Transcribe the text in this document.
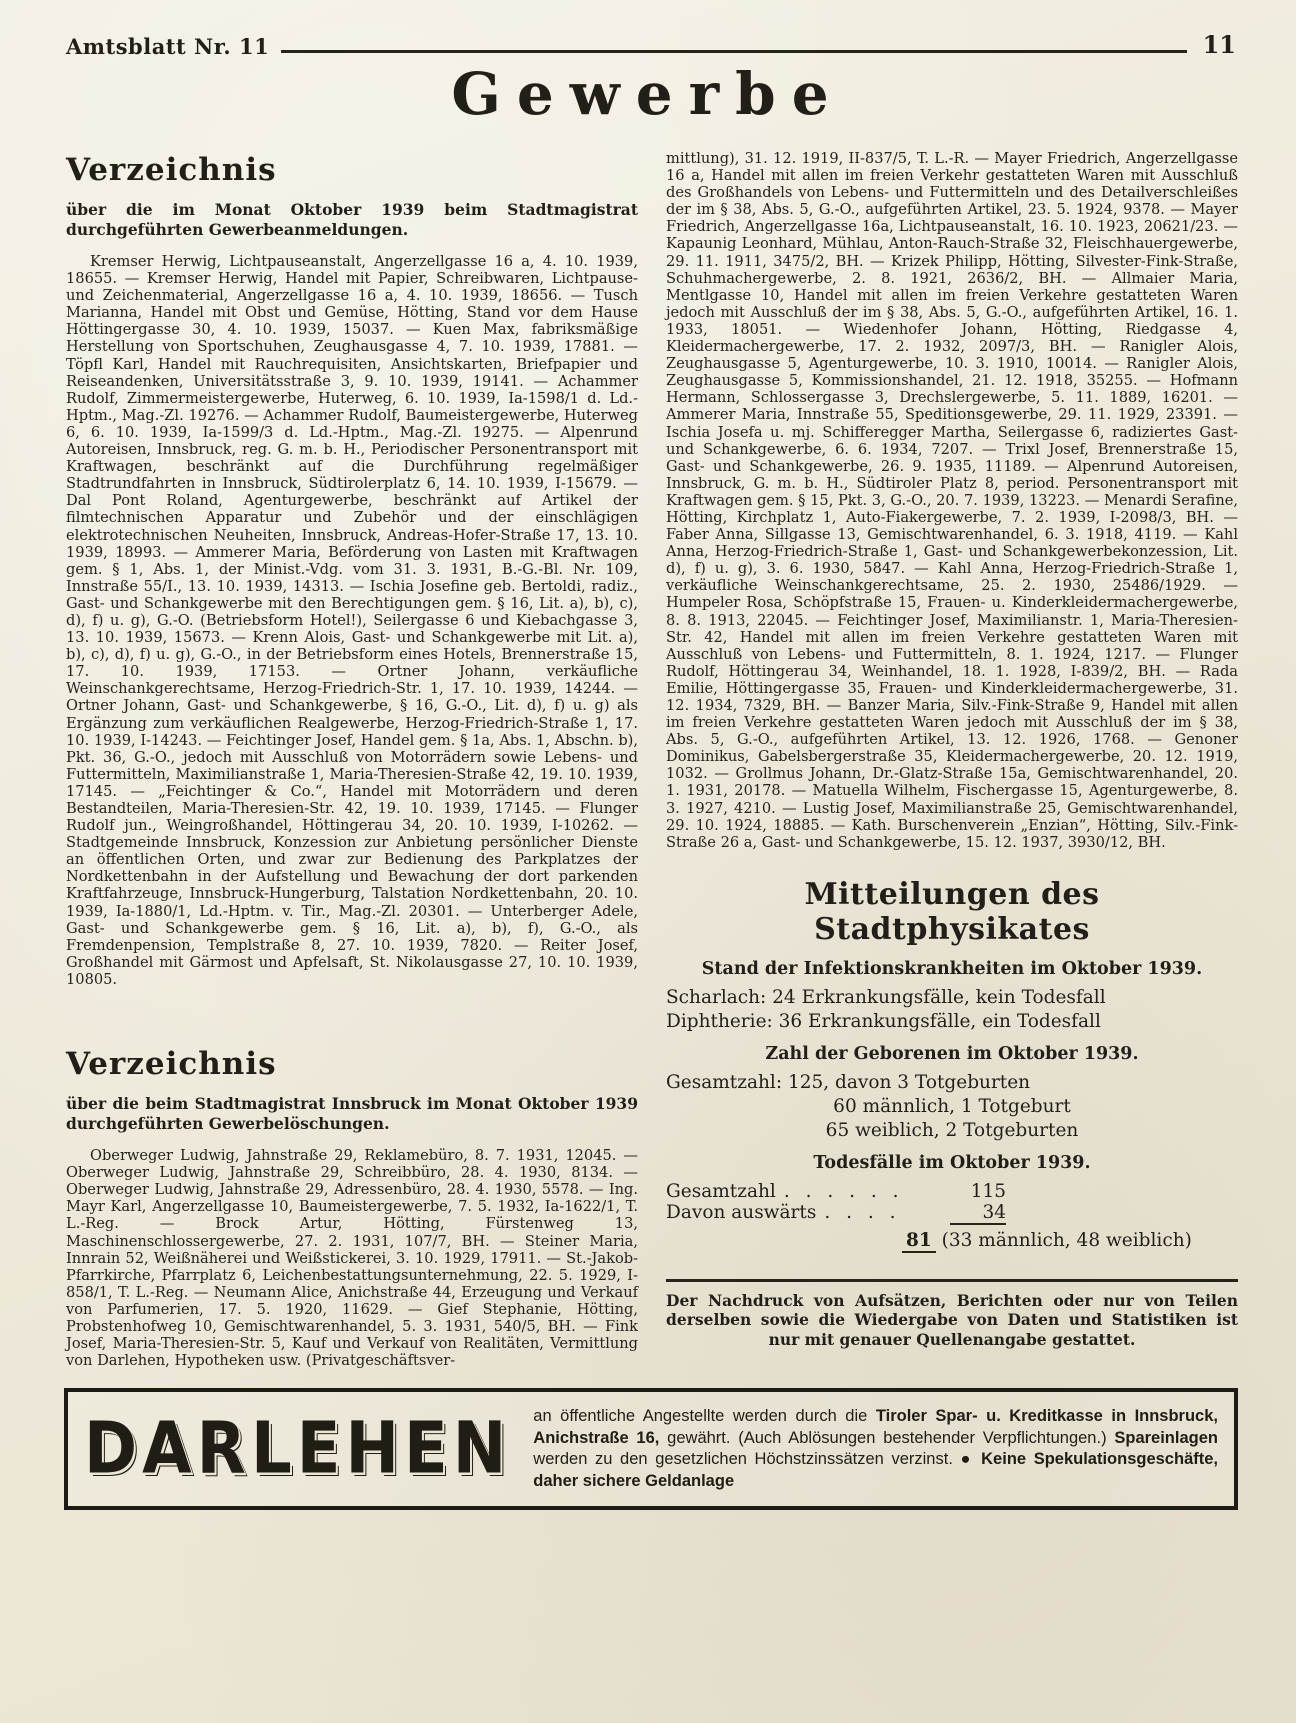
Amtsblatt Nr. 11	11
Gewerbe
Verzeichnis

über die im Monat Oktober 1939 beim Stadtmagistrat durchgeführten Gewerbeanmeldungen.

Kremser Herwig, Lichtpauseanstalt, Angerzellgasse 16 a, 4. 10. 1939, 18655. — Kremser Herwig, Handel mit Papier, Schreibwaren, Lichtpause- und Zeichenmaterial, Angerzellgasse 16 a, 4. 10. 1939, 18656. — Tusch Marianna, Handel mit Obst und Gemüse, Hötting, Stand vor dem Hause Höttingergasse 30, 4. 10. 1939, 15037. — Kuen Max, fabriksmäßige Herstellung von Sportschuhen, Zeughausgasse 4, 7. 10. 1939, 17881. — Töpfl Karl, Handel mit Rauchrequisiten, Ansichtskarten, Briefpapier und Reiseandenken, Universitätsstraße 3, 9. 10. 1939, 19141. — Achammer Rudolf, Zimmermeistergewerbe, Huterweg, 6. 10. 1939, Ia-1598/1 d. Ld.-Hptm., Mag.-Zl. 19276. — Achammer Rudolf, Baumeistergewerbe, Huterweg 6, 6. 10. 1939, Ia-1599/3 d. Ld.-Hptm., Mag.-Zl. 19275. — Alpenrund Autoreisen, Innsbruck, reg. G. m. b. H., Periodischer Personentransport mit Kraftwagen, beschränkt auf die Durchführung regelmäßiger Stadtrundfahrten in Innsbruck, Südtirolerplatz 6, 14. 10. 1939, I-15679. — Dal Pont Roland, Agenturgewerbe, beschränkt auf Artikel der filmtechnischen Apparatur und Zubehör und der einschlägigen elektrotechnischen Neuheiten, Innsbruck, Andreas-Hofer-Straße 17, 13. 10. 1939, 18993. — Ammerer Maria, Beförderung von Lasten mit Kraftwagen gem. § 1, Abs. 1, der Minist.-Vdg. vom 31. 3. 1931, B.-G.-Bl. Nr. 109, Innstraße 55/I., 13. 10. 1939, 14313. — Ischia Josefine geb. Bertoldi, radiz., Gast- und Schankgewerbe mit den Berechtigungen gem. § 16, Lit. a), b), c), d), f) u. g), G.-O. (Betriebsform Hotel!), Seilergasse 6 und Kiebachgasse 3, 13. 10. 1939, 15673. — Krenn Alois, Gast- und Schankgewerbe mit Lit. a), b), c), d), f) u. g), G.-O., in der Betriebsform eines Hotels, Brennerstraße 15, 17. 10. 1939, 17153. — Ortner Johann, verkäufliche Weinschankgerechtsame, Herzog-Friedrich-Str. 1, 17. 10. 1939, 14244. — Ortner Johann, Gast- und Schankgewerbe, § 16, G.-O., Lit. d), f) u. g) als Ergänzung zum verkäuflichen Realgewerbe, Herzog-Friedrich-Straße 1, 17. 10. 1939, I-14243. — Feichtinger Josef, Handel gem. § 1a, Abs. 1, Abschn. b), Pkt. 36, G.-O., jedoch mit Ausschluß von Motorrädern sowie Lebens- und Futtermitteln, Maximilianstraße 1, Maria-Theresien-Straße 42, 19. 10. 1939, 17145. — „Feichtinger & Co.“, Handel mit Motorrädern und deren Bestandteilen, Maria-Theresien-Str. 42, 19. 10. 1939, 17145. — Flunger Rudolf jun., Weingroßhandel, Höttingerau 34, 20. 10. 1939, I-10262. — Stadtgemeinde Innsbruck, Konzession zur Anbietung persönlicher Dienste an öffentlichen Orten, und zwar zur Bedienung des Parkplatzes der Nordkettenbahn in der Aufstellung und Bewachung der dort parkenden Kraftfahrzeuge, Innsbruck-Hungerburg, Talstation Nordkettenbahn, 20. 10. 1939, Ia-1880/1, Ld.-Hptm. v. Tir., Mag.-Zl. 20301. — Unterberger Adele, Gast- und Schankgewerbe gem. § 16, Lit. a), b), f), G.-O., als Fremdenpension, Templstraße 8, 27. 10. 1939, 7820. — Reiter Josef, Großhandel mit Gärmost und Apfelsaft, St. Nikolausgasse 27, 10. 10. 1939, 10805.

Verzeichnis

über die beim Stadtmagistrat Innsbruck im Monat Oktober 1939 durchgeführten Gewerbelöschungen.

Oberweger Ludwig, Jahnstraße 29, Reklamebüro, 8. 7. 1931, 12045. — Oberweger Ludwig, Jahnstraße 29, Schreibbüro, 28. 4. 1930, 8134. — Oberweger Ludwig, Jahnstraße 29, Adressenbüro, 28. 4. 1930, 5578. — Ing. Mayr Karl, Angerzellgasse 10, Baumeistergewerbe, 7. 5. 1932, Ia-1622/1, T. L.-Reg. — Brock Artur, Hötting, Fürstenweg 13, Maschinenschlossergewerbe, 27. 2. 1931, 107/7, BH. — Steiner Maria, Innrain 52, Weißnäherei und Weißstickerei, 3. 10. 1929, 17911. — St.-Jakob-Pfarrkirche, Pfarrplatz 6, Leichenbestattungsunternehmung, 22. 5. 1929, I-858/1, T. L.-Reg. — Neumann Alice, Anichstraße 44, Erzeugung und Verkauf von Parfumerien, 17. 5. 1920, 11629. — Gief Stephanie, Hötting, Probstenhofweg 10, Gemischtwarenhandel, 5. 3. 1931, 540/5, BH. — Fink Josef, Maria-Theresien-Str. 5, Kauf und Verkauf von Realitäten, Vermittlung von Darlehen, Hypotheken usw. (Privatgeschäftsver-

mittlung), 31. 12. 1919, II-837/5, T. L.-R. — Mayer Friedrich, Angerzellgasse 16 a, Handel mit allen im freien Verkehr gestatteten Waren mit Ausschluß des Großhandels von Lebens- und Futtermitteln und des Detailverschleißes der im § 38, Abs. 5, G.-O., aufgeführten Artikel, 23. 5. 1924, 9378. — Mayer Friedrich, Angerzellgasse 16a, Lichtpauseanstalt, 16. 10. 1923, 20621/23. — Kapaunig Leonhard, Mühlau, Anton-Rauch-Straße 32, Fleischhauergewerbe, 29. 11. 1911, 3475/2, BH. — Krizek Philipp, Hötting, Silvester-Fink-Straße, Schuhmachergewerbe, 2. 8. 1921, 2636/2, BH. — Allmaier Maria, Mentlgasse 10, Handel mit allen im freien Verkehre gestatteten Waren jedoch mit Ausschluß der im § 38, Abs. 5, G.-O., aufgeführten Artikel, 16. 1. 1933, 18051. — Wiedenhofer Johann, Hötting, Riedgasse 4, Kleidermachergewerbe, 17. 2. 1932, 2097/3, BH. — Ranigler Alois, Zeughausgasse 5, Agenturgewerbe, 10. 3. 1910, 10014. — Ranigler Alois, Zeughausgasse 5, Kommissionshandel, 21. 12. 1918, 35255. — Hofmann Hermann, Schlossergasse 3, Drechslergewerbe, 5. 11. 1889, 16201. — Ammerer Maria, Innstraße 55, Speditionsgewerbe, 29. 11. 1929, 23391. — Ischia Josefa u. mj. Schifferegger Martha, Seilergasse 6, radiziertes Gast- und Schankgewerbe, 6. 6. 1934, 7207. — Trixl Josef, Brennerstraße 15, Gast- und Schankgewerbe, 26. 9. 1935, 11189. — Alpenrund Autoreisen, Innsbruck, G. m. b. H., Südtiroler Platz 8, period. Personentransport mit Kraftwagen gem. § 15, Pkt. 3, G.-O., 20. 7. 1939, 13223. — Menardi Serafine, Hötting, Kirchplatz 1, Auto-Fiakergewerbe, 7. 2. 1939, I-2098/3, BH. — Faber Anna, Sillgasse 13, Gemischtwarenhandel, 6. 3. 1918, 4119. — Kahl Anna, Herzog-Friedrich-Straße 1, Gast- und Schankgewerbekonzession, Lit. d), f) u. g), 3. 6. 1930, 5847. — Kahl Anna, Herzog-Friedrich-Straße 1, verkäufliche Weinschankgerechtsame, 25. 2. 1930, 25486/1929. — Humpeler Rosa, Schöpfstraße 15, Frauen- u. Kinderkleidermachergewerbe, 8. 8. 1913, 22045. — Feichtinger Josef, Maximilianstr. 1, Maria-Theresien-Str. 42, Handel mit allen im freien Verkehre gestatteten Waren mit Ausschluß von Lebens- und Futtermitteln, 8. 1. 1924, 1217. — Flunger Rudolf, Höttingerau 34, Weinhandel, 18. 1. 1928, I-839/2, BH. — Rada Emilie, Höttingergasse 35, Frauen- und Kinderkleidermachergewerbe, 31. 12. 1934, 7329, BH. — Banzer Maria, Silv.-Fink-Straße 9, Handel mit allen im freien Verkehre gestatteten Waren jedoch mit Ausschluß der im § 38, Abs. 5, G.-O., aufgeführten Artikel, 13. 12. 1926, 1768. — Genoner Dominikus, Gabelsbergerstraße 35, Kleidermachergewerbe, 20. 12. 1919, 1032. — Grollmus Johann, Dr.-Glatz-Straße 15a, Gemischtwarenhandel, 20. 1. 1931, 20178. — Matuella Wilhelm, Fischergasse 15, Agenturgewerbe, 8. 3. 1927, 4210. — Lustig Josef, Maximilianstraße 25, Gemischtwarenhandel, 29. 10. 1924, 18885. — Kath. Burschenverein „Enzian“, Hötting, Silv.-Fink-Straße 26 a, Gast- und Schankgewerbe, 15. 12. 1937, 3930/12, BH.

Mitteilungen des Stadtphysikates

Stand der Infektionskrankheiten im Oktober 1939.

Scharlach: 24 Erkrankungsfälle, kein Todesfall

Diphtherie: 36 Erkrankungsfälle, ein Todesfall

Zahl der Geborenen im Oktober 1939.

Gesamtzahl: 125, davon 3 Totgeburten

60 männlich, 1 Totgeburt

65 weiblich, 2 Totgeburten

Todesfälle im Oktober 1939.

Gesamtzahl . . . . . .	115
Davon auswärts . . . .	34
81 (33 männlich, 48 weiblich)
Der Nachdruck von Aufsätzen, Berichten oder nur von Teilen derselben sowie die Wiedergabe von Daten und Statistiken ist nur mit genauer Quellenangabe gestattet.
DARLEHEN an öffentliche Angestellte werden durch die Tiroler Spar- u. Kreditkasse in Innsbruck, Anichstraße 16, gewährt. (Auch Ablösungen bestehender Verpflichtungen.) Spareinlagen werden zu den gesetzlichen Höchstzinssätzen verzinst. ● Keine Spekulationsgeschäfte, daher sichere Geldanlage
